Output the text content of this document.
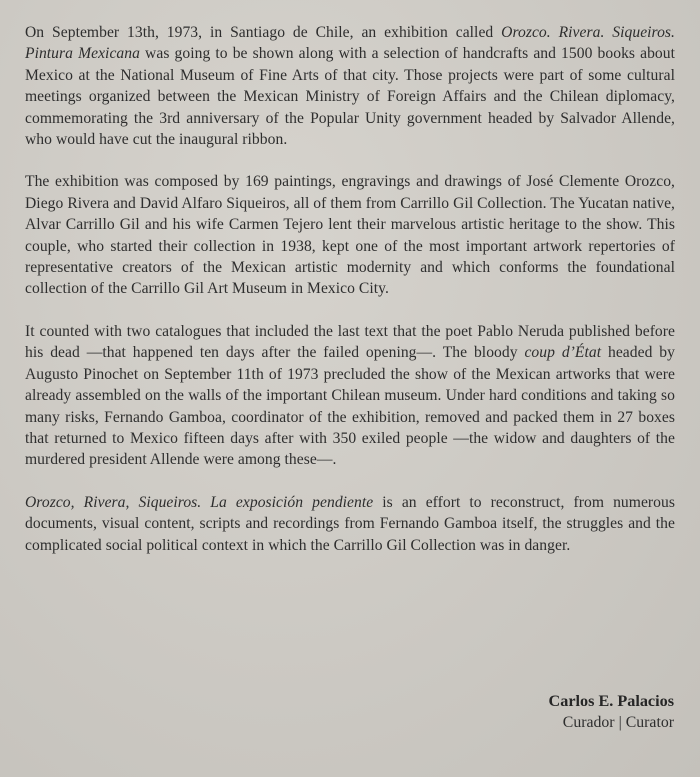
On September 13th, 1973, in Santiago de Chile, an exhibition called Orozco. Rivera. Siqueiros. Pintura Mexicana was going to be shown along with a selection of handcrafts and 1500 books about Mexico at the National Museum of Fine Arts of that city. Those projects were part of some cultural meetings organized between the Mexican Ministry of Foreign Affairs and the Chilean diplomacy, commemorating the 3rd anniversary of the Popular Unity government headed by Salvador Allende, who would have cut the inaugural ribbon.

The exhibition was composed by 169 paintings, engravings and drawings of José Clemente Orozco, Diego Rivera and David Alfaro Siqueiros, all of them from Carrillo Gil Collection. The Yucatan native, Alvar Carrillo Gil and his wife Carmen Tejero lent their marvelous artistic heritage to the show. This couple, who started their collection in 1938, kept one of the most important artwork repertories of representative creators of the Mexican artistic modernity and which conforms the foundational collection of the Carrillo Gil Art Museum in Mexico City.

It counted with two catalogues that included the last text that the poet Pablo Neruda published before his dead —that happened ten days after the failed opening—. The bloody coup d’État headed by Augusto Pinochet on September 11th of 1973 precluded the show of the Mexican artworks that were already assembled on the walls of the important Chilean museum. Under hard conditions and taking so many risks, Fernando Gamboa, coordinator of the exhibition, removed and packed them in 27 boxes that returned to Mexico fifteen days after with 350 exiled people —the widow and daughters of the murdered president Allende were among these—.

Orozco, Rivera, Siqueiros. La exposición pendiente is an effort to reconstruct, from numerous documents, visual content, scripts and recordings from Fernando Gamboa itself, the struggles and the complicated social political context in which the Carrillo Gil Collection was in danger.

Carlos E. Palacios
Curador | Curator
